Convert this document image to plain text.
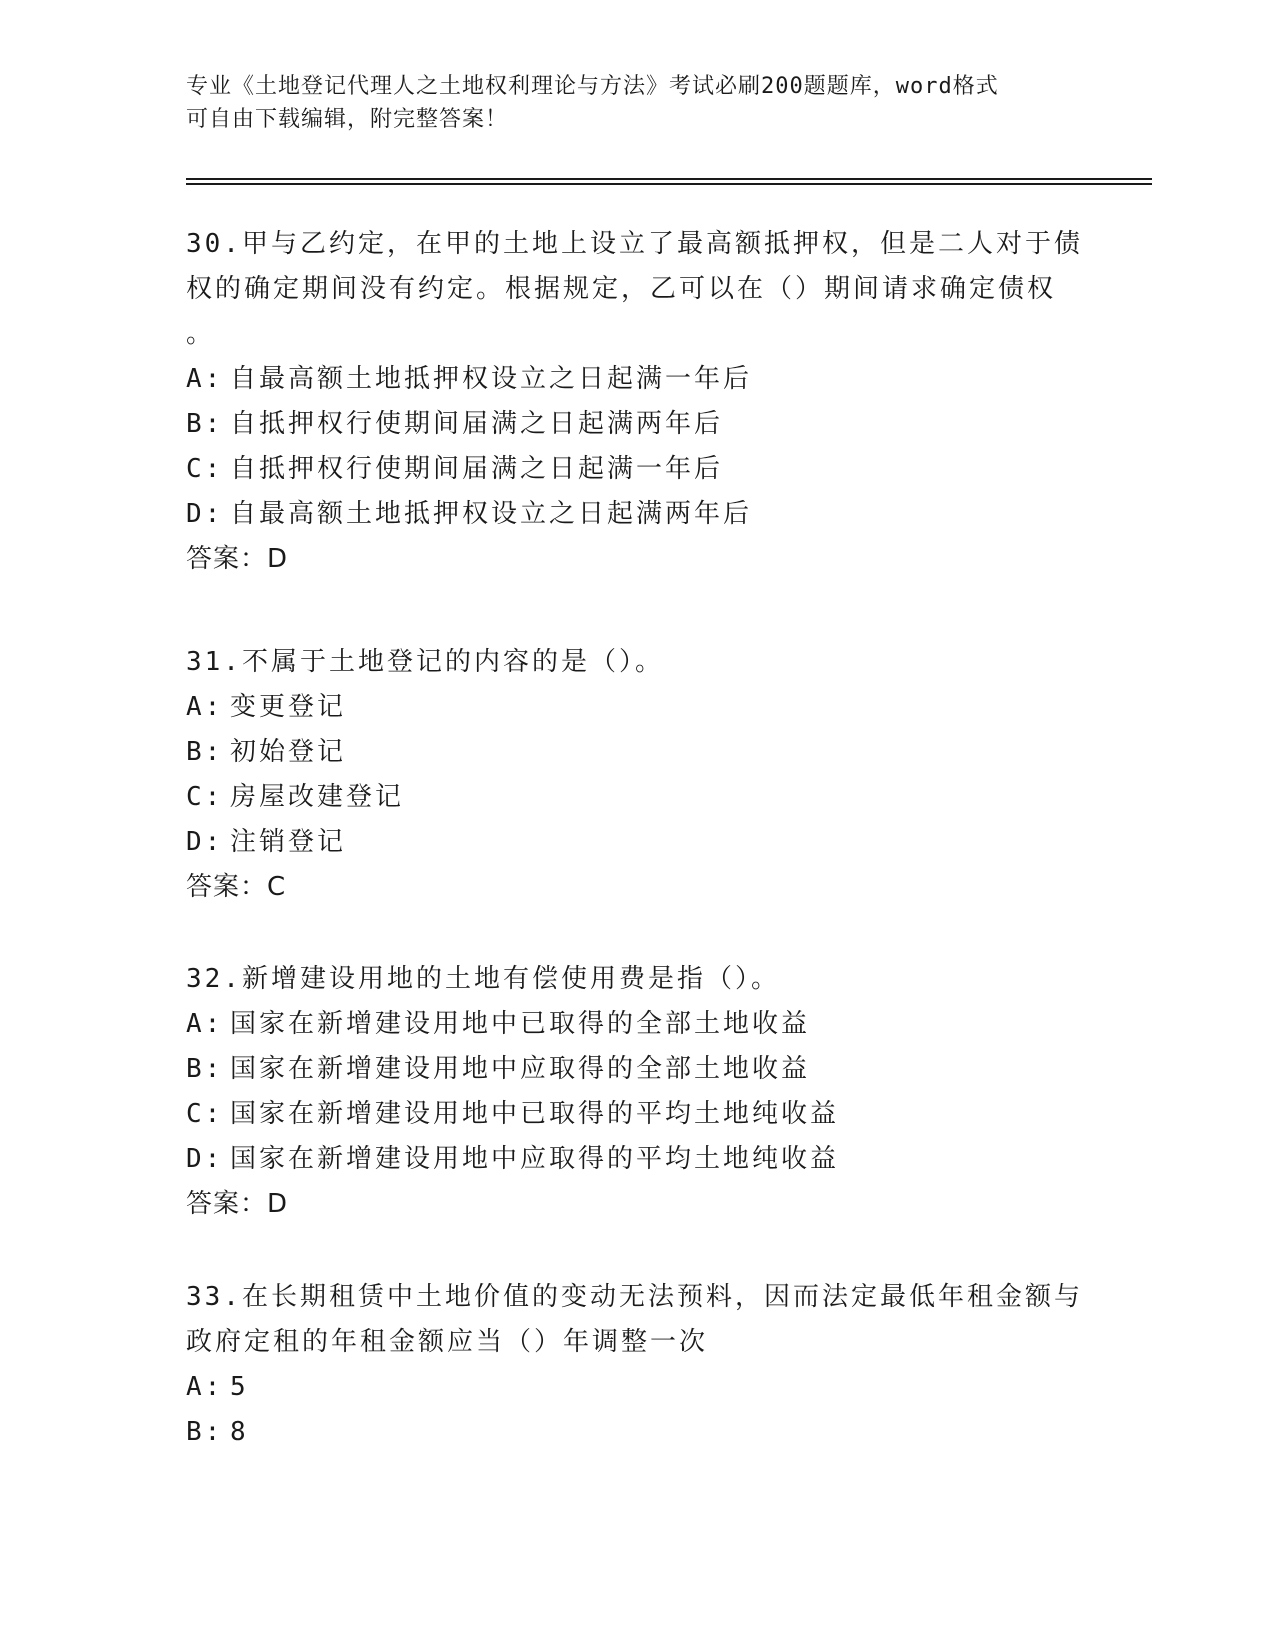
专业《土地登记代理人之土地权利理论与方法》考试必刷200题题库，word格式
可自由下载编辑，附完整答案！
30.甲与乙约定，在甲的土地上设立了最高额抵押权，但是二人对于债
权的确定期间没有约定。根据规定，乙可以在（）期间请求确定债权
。
A: 自最高额土地抵押权设立之日起满一年后
B: 自抵押权行使期间届满之日起满两年后
C: 自抵押权行使期间届满之日起满一年后
D: 自最高额土地抵押权设立之日起满两年后
答案：D
31.不属于土地登记的内容的是（）。
A: 变更登记
B: 初始登记
C: 房屋改建登记
D: 注销登记
答案：C
32.新增建设用地的土地有偿使用费是指（）。
A: 国家在新增建设用地中已取得的全部土地收益
B: 国家在新增建设用地中应取得的全部土地收益
C: 国家在新增建设用地中已取得的平均土地纯收益
D: 国家在新增建设用地中应取得的平均土地纯收益
答案：D
33.在长期租赁中土地价值的变动无法预料，因而法定最低年租金额与
政府定租的年租金额应当（）年调整一次
A: 5
B: 8
